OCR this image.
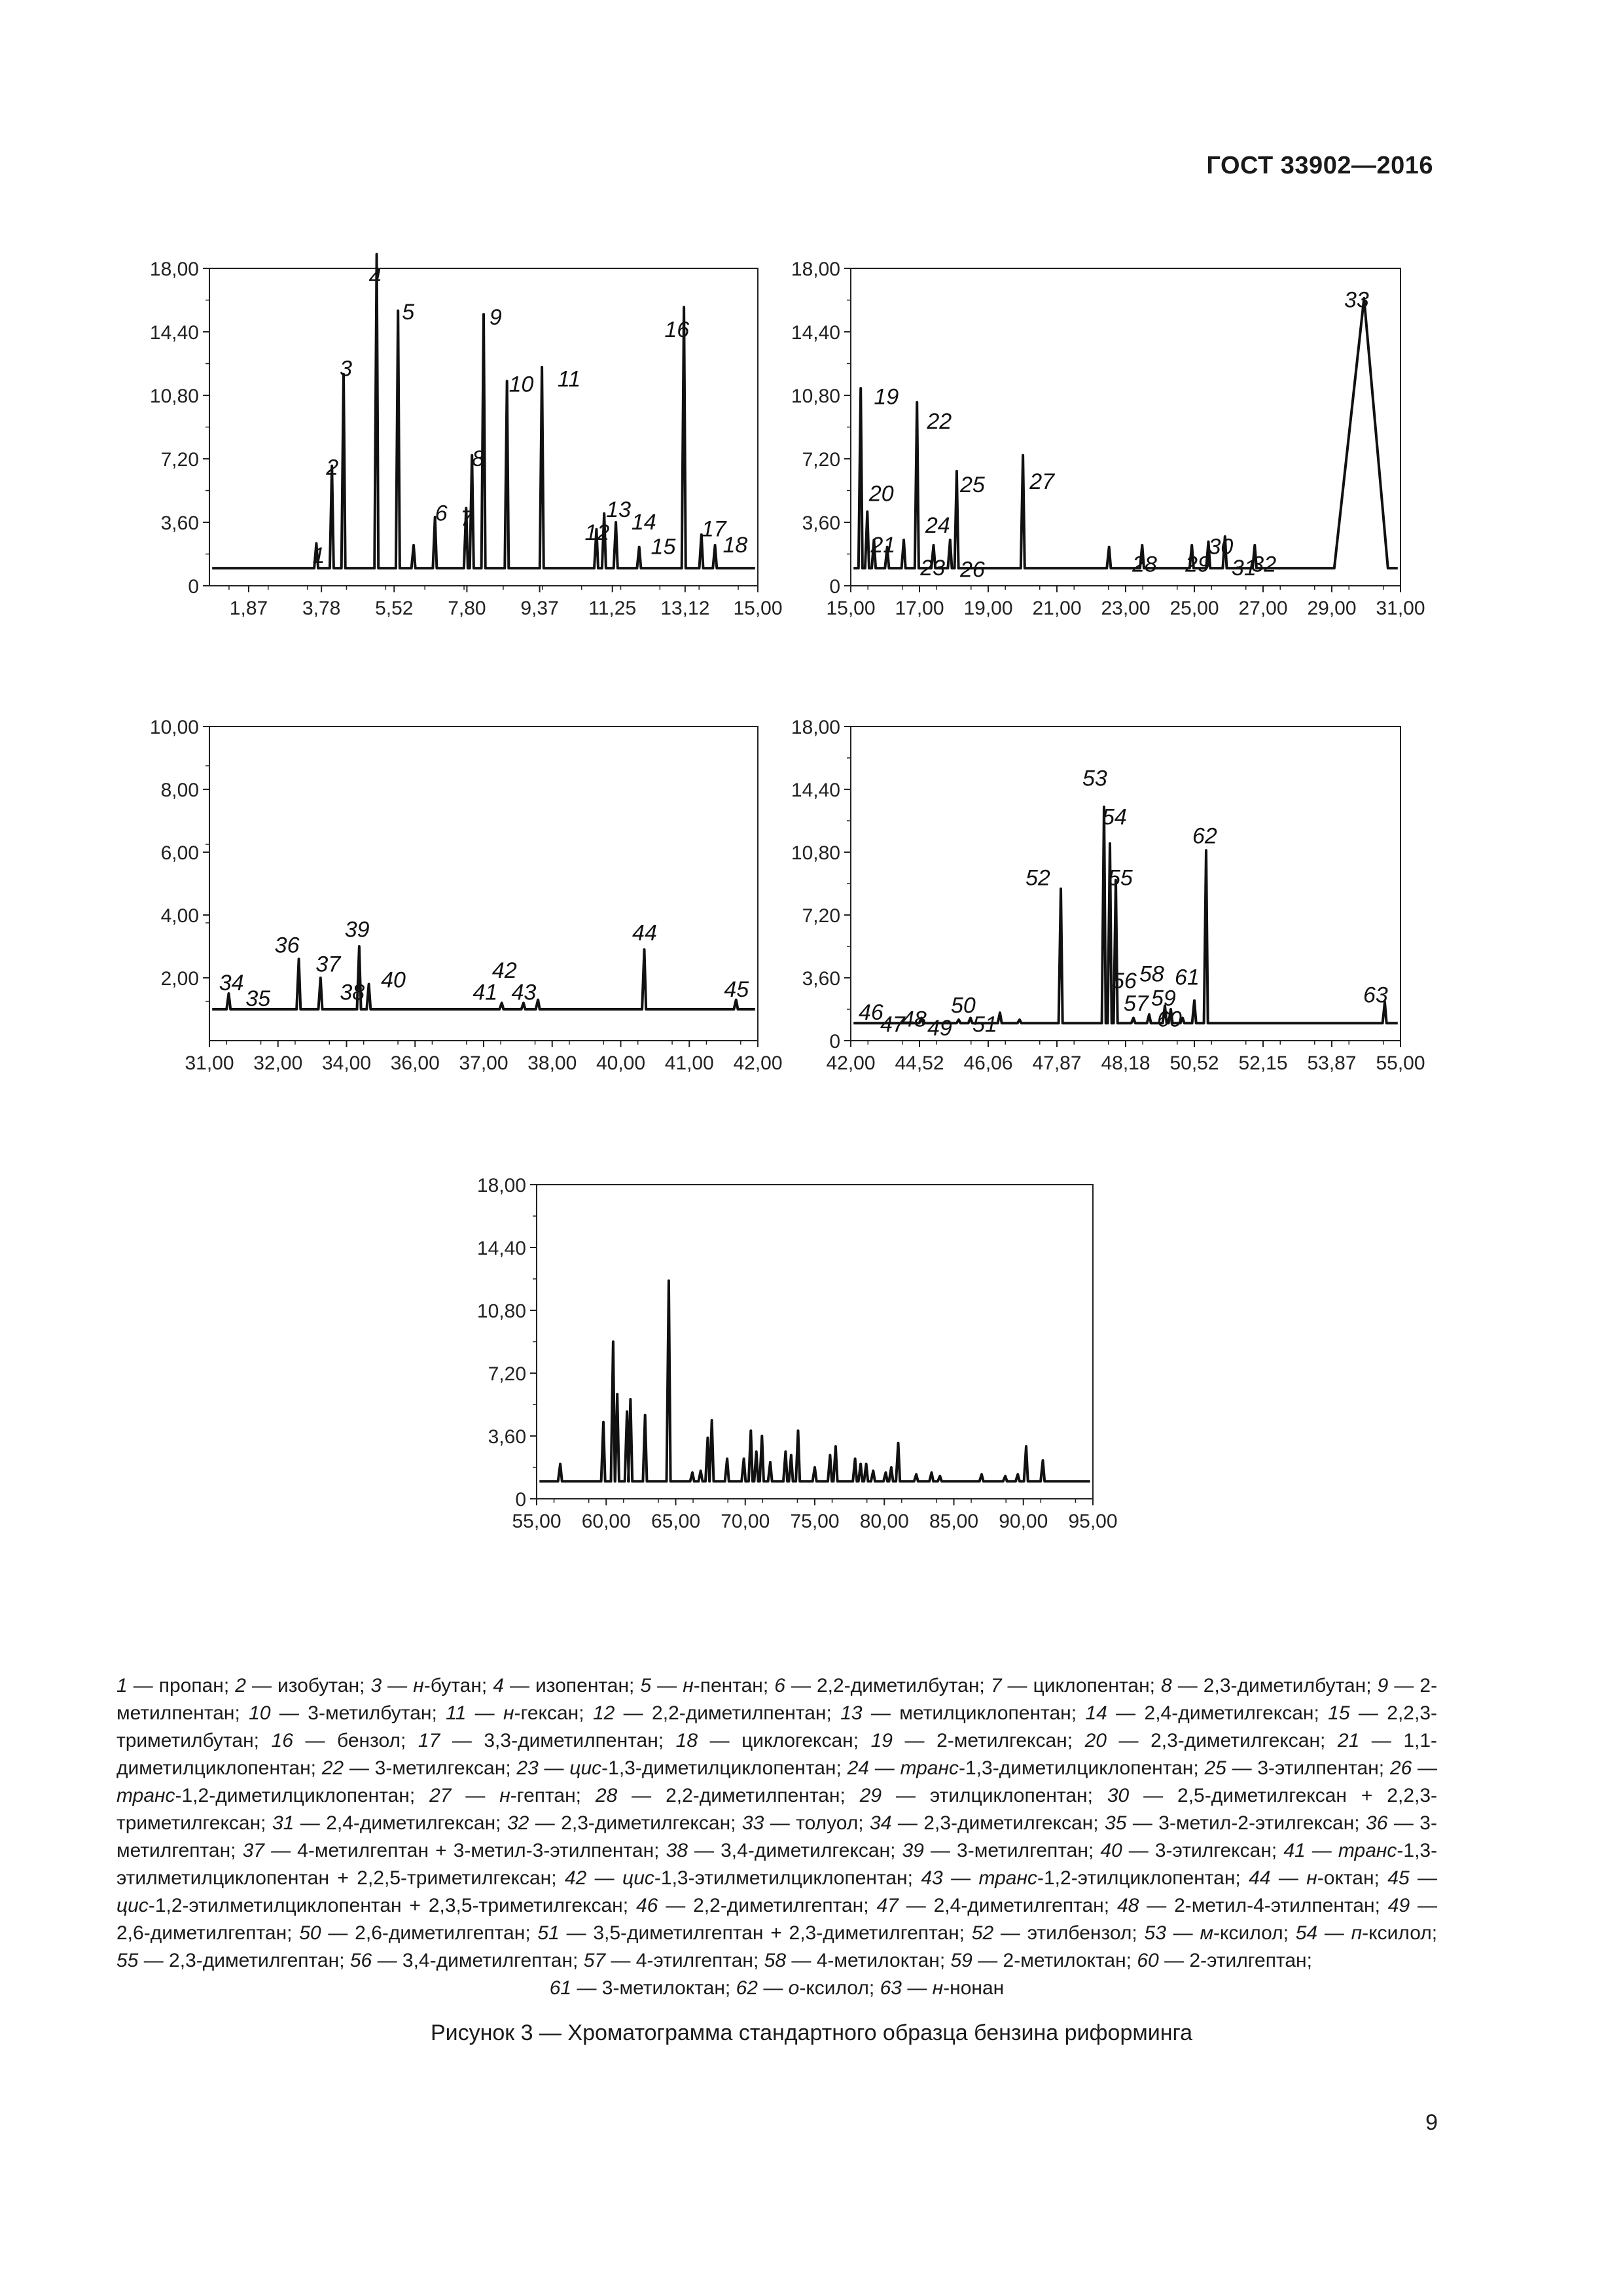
ГОСТ 33902—2016
18,00
14,40
10,80
7,20
3,60
0
1,87 3,78 5,52 7,80 9,37 11,25 13,12 15,00
1
2
3
4
5
6 7
8
9
10 11
12
13 14
15
16
17
18
18,00
14,40
10,80
7,20
3,60
0
15,00 17,00 19,00 21,00 23,00 25,00 27,00 29,00 31,00
19
20
21
22
23
24
25
26
27
28 29
30
31
32
33
10,00
8,00
6,00
4,00
2,00
31,00 32,00 34,00 36,00 37,00 38,00 40,00 41,00 42,00
34
35
36
37
38
39
40
41
42
43
44
45
18,00
14,40
10,80
7,20
3,60
0
42,00 44,52 46,06 47,87 48,18 50,52 52,15 53,87 55,00
46
47
48 49
50
51
52
53
54
55
56
57
58
59
60
61
62
63
18,00
14,40
10,80
7,20
3,60
0
55,00 60,00 65,00 70,00 75,00 80,00 85,00 90,00 95,00
1 — пропан; 2 — изобутан; 3 — н-бутан; 4 — изопентан; 5 — н-пентан; 6 — 2,2-диметилбутан; 7 — циклопентан; 8 — 2,3-диметилбутан; 9 — 2-метилпентан; 10 — 3-метилбутан; 11 — н-гексан; 12 — 2,2-диметилпентан; 13 — метилциклопентан; 14 — 2,4-диметилгексан; 15 — 2,2,3-триметилбутан; 16 — бензол; 17 — 3,3-диметилпентан; 18 — циклогексан; 19 — 2-метилгексан; 20 — 2,3-диметилгексан; 21 — 1,1-диметилциклопентан; 22 — 3-метилгексан; 23 — цис-1,3-диметилциклопентан; 24 — транс-1,3-диметилциклопентан; 25 — 3-этилпентан; 26 — транс-1,2-диметилциклопентан; 27 — н-гептан; 28 — 2,2-диметилпентан; 29 — этилциклопентан; 30 — 2,5-диметилгексан + 2,2,3-триметилгексан; 31 — 2,4-диметилгексан; 32 — 2,3-диметилгексан; 33 — толуол; 34 — 2,3-диметилгексан; 35 — 3-метил-2-этилгексан; 36 — 3-метилгептан; 37 — 4-метилгептан + 3-метил-3-этилпентан; 38 — 3,4-диметилгексан; 39 — 3-метилгептан; 40 — 3-этилгексан; 41 — транс-1,3-этилметилциклопентан + 2,2,5-триметилгексан; 42 — цис-1,3-этилметилциклопентан; 43 — транс-1,2-этилциклопентан; 44 — н-октан; 45 — цис-1,2-этилметилциклопентан + 2,3,5-триметилгексан; 46 — 2,2-диметилгептан; 47 — 2,4-диметилгептан; 48 — 2-метил-4-этилпентан; 49 — 2,6-диметилгептан; 50 — 2,6-диметилгептан; 51 — 3,5-диметилгептан + 2,3-диметилгептан; 52 — этилбензол; 53 — м-ксилол; 54 — п-ксилол; 55 — 2,3-диметилгептан; 56 — 3,4-диметилгептан; 57 — 4-этилгептан; 58 — 4-метилоктан; 59 — 2-метилоктан; 60 — 2-этилгептан;
61 — 3-метилоктан; 62 — о-ксилол; 63 — н-нонан
Рисунок 3 — Хроматограмма стандартного образца бензина риформинга
9
